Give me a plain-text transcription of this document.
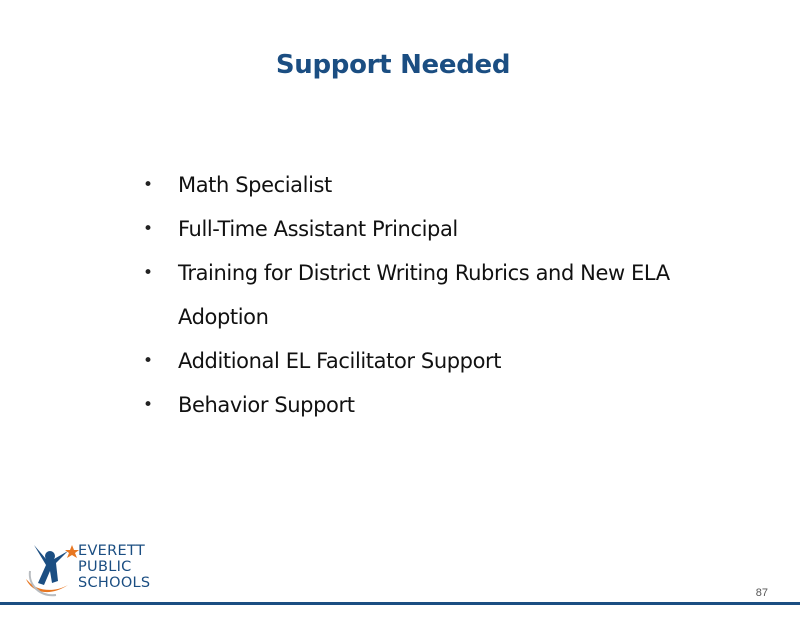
Support Needed
• Math Specialist
• Full-Time Assistant Principal
• Training for District Writing Rubrics and New ELA
Adoption
• Additional EL Facilitator Support
• Behavior Support
EVERETT
PUBLIC
SCHOOLS
87
